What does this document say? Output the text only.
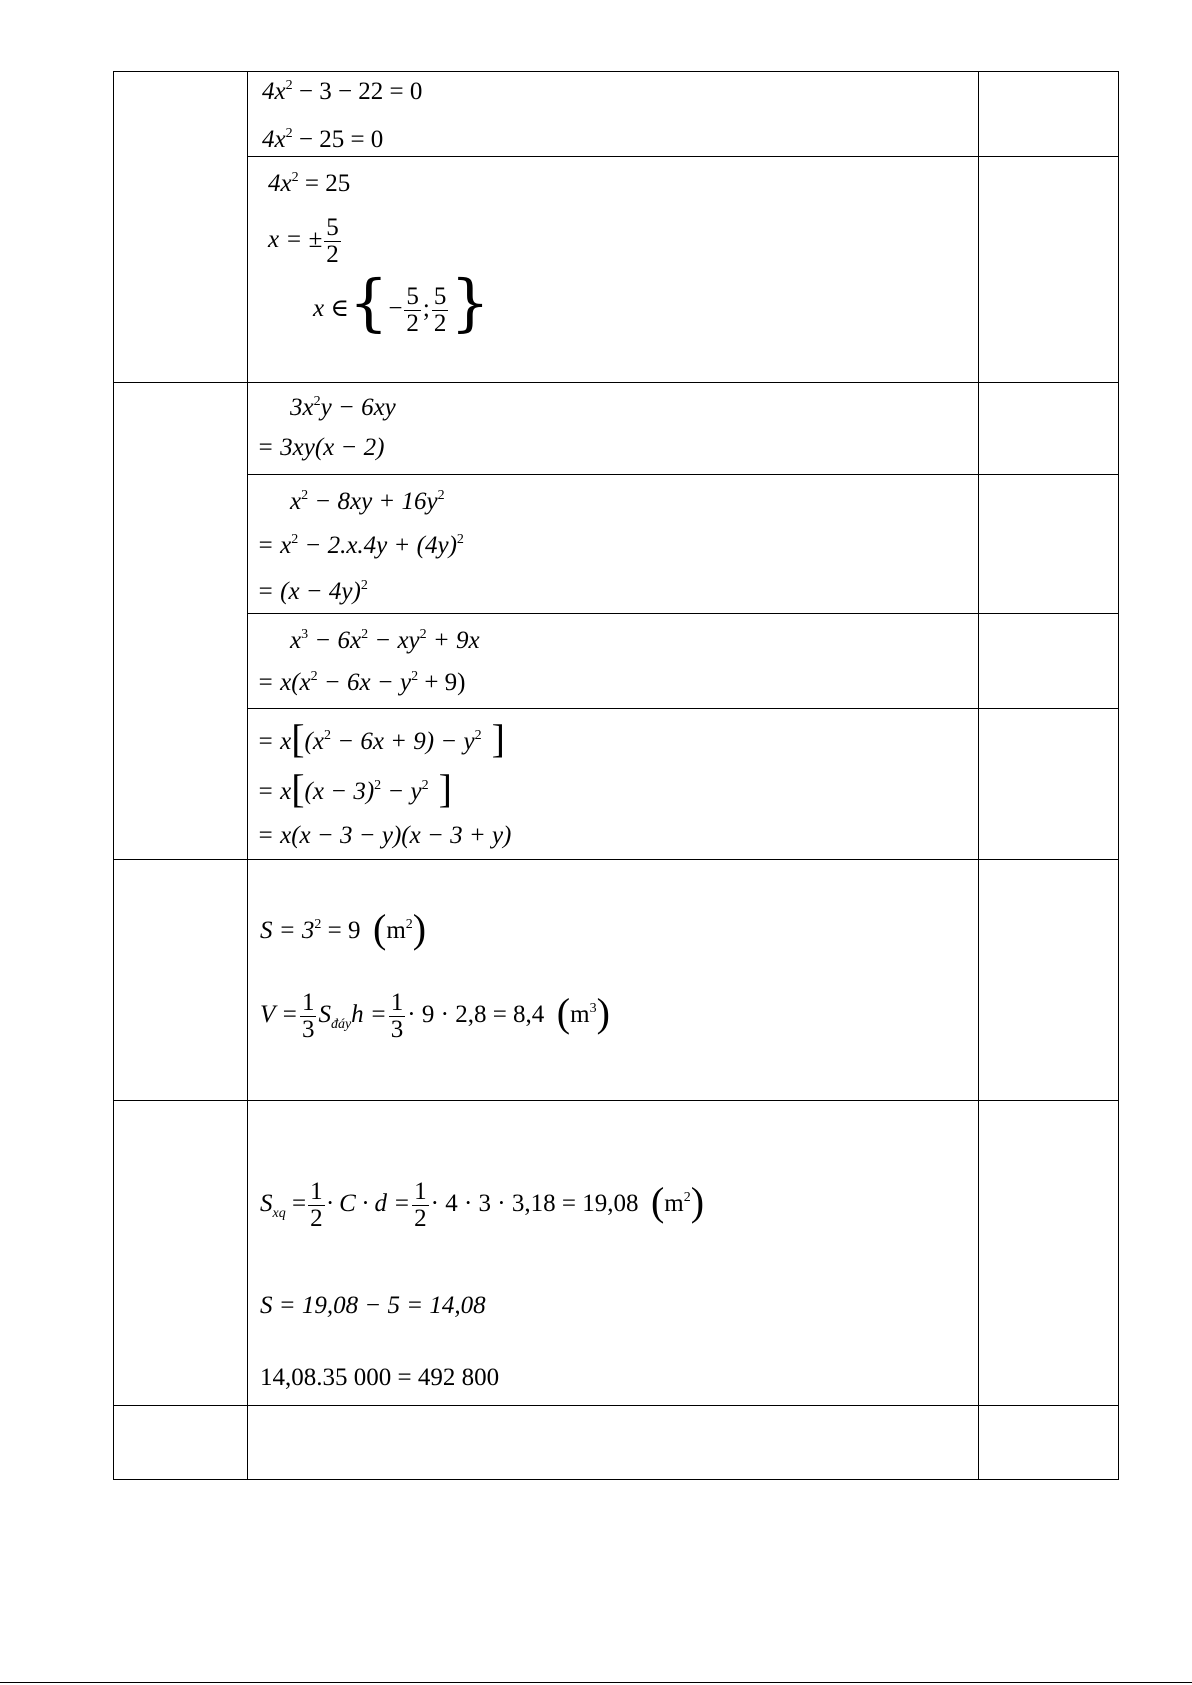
$4x^2 - 3 - 22 = 0$
$4x^2 - 25 = 0$
$4x^2 = 25$
x = ± $\frac{5}{2}$
x ∈{− $\frac{5}{2}$ ; $\frac{5}{2}$ }
$3x^2y - 6xy$
= 3xy(x − 2)
$x^2 - 8xy + 16y^2$
= $x^2 - 2.x.4y + (4y)^2$
= $(x - 4y)^2$
$x^3 - 6x^2 - xy^2 + 9x$
= $x(x^2 - 6x - y^2 + 9)$
= $x[(x^2 - 6x + 9) - y^2$ ]
= $x[(x - 3)^2 - y^2$ ]
= x(x − 3 − y)(x − 3 + y)
$S = 3^2 = 9$ $(m^2)$
$V = \frac{1}{3} S_{đáy}h = \frac{1}{3} \cdot 9 \cdot 2,8 = 8,4$ $(m^3)$
$S_{xq} = \frac{1}{2} \cdot C \cdot d = \frac{1}{2} \cdot 4 \cdot 3 \cdot 3,18 = 19,08$ $(m^2)$
S = 19,08 − 5 = 14,08
14,08.35 000 = 492 800
